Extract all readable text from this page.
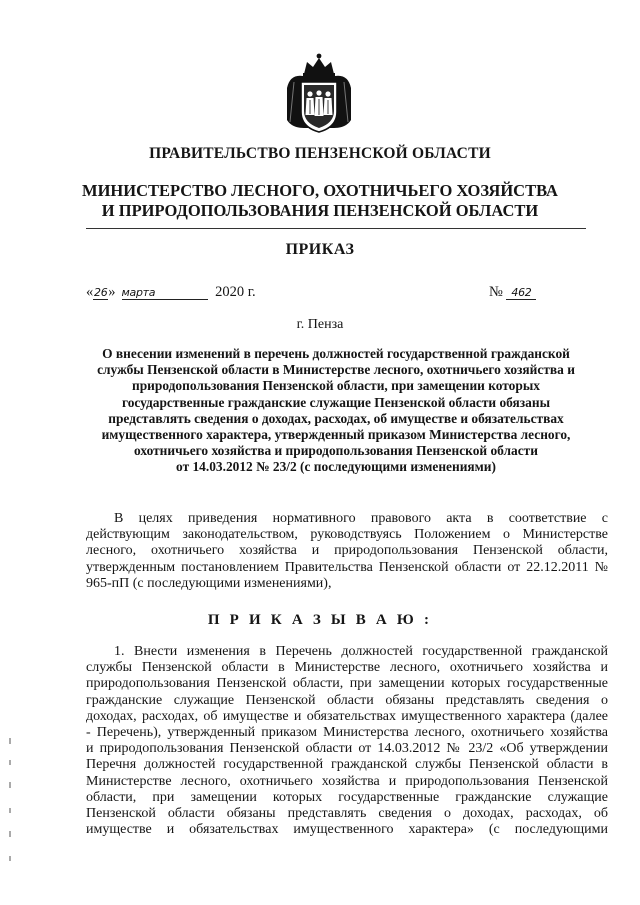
ПРАВИТЕЛЬСТВО ПЕНЗЕНСКОЙ ОБЛАСТИ
МИНИСТЕРСТВО ЛЕСНОГО, ОХОТНИЧЬЕГО ХОЗЯЙСТВА
И ПРИРОДОПОЛЬЗОВАНИЯ ПЕНЗЕНСКОЙ ОБЛАСТИ
ПРИКАЗ
«26» марта	2020 г.	№ 462
г. Пенза
О внесении изменений в перечень должностей государственной гражданской
службы Пензенской области в Министерстве лесного, охотничьего хозяйства и
природопользования Пензенской области, при замещении которых
государственные гражданские служащие Пензенской области обязаны
представлять сведения о доходах, расходах, об имуществе и обязательствах
имущественного характера, утвержденный приказом Министерства лесного,
охотничьего хозяйства и природопользования Пензенской области
от 14.03.2012 № 23/2 (с последующими изменениями)
В целях приведения нормативного правового акта в соответствие с
действующим законодательством, руководствуясь Положением о Министерстве
лесного, охотничьего хозяйства и природопользования Пензенской области,
утвержденным постановлением Правительства Пензенской области от 22.12.2011 №
965-пП (с последующими изменениями),
П Р И К А З Ы В А Ю :
1. Внести изменения в Перечень должностей государственной гражданской
службы Пензенской области в Министерстве лесного, охотничьего хозяйства и
природопользования Пензенской области, при замещении которых государственные
гражданские служащие Пензенской области обязаны представлять сведения о
доходах, расходах, об имуществе и обязательствах имущественного характера (далее
- Перечень), утвержденный приказом Министерства лесного, охотничьего хозяйства
и природопользования Пензенской области от 14.03.2012 № 23/2 «Об утверждении
Перечня должностей государственной гражданской службы Пензенской области в
Министерстве лесного, охотничьего хозяйства и природопользования Пензенской
области, при замещении которых государственные гражданские служащие
Пензенской области обязаны представлять сведения о доходах, расходах, об
имуществе и обязательствах имущественного характера» (с последующими
